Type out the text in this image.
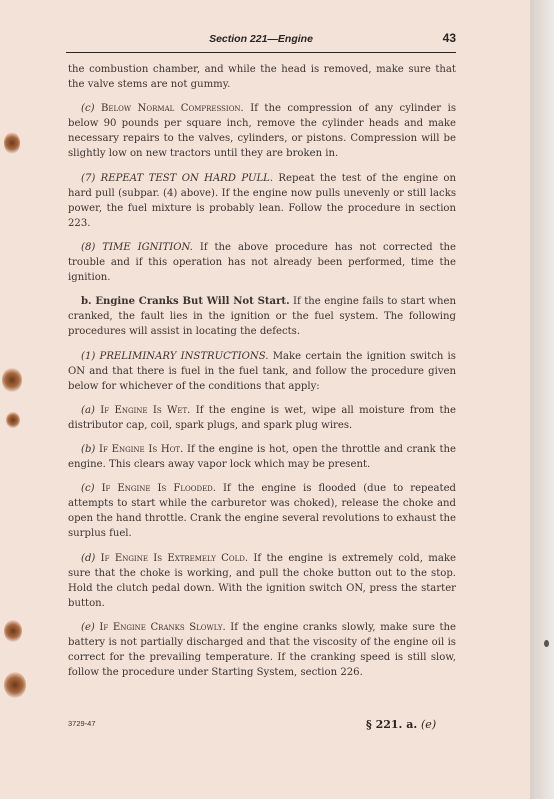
Section 221—Engine	43

the combustion chamber, and while the head is removed, make sure that the valve stems are not gummy.

(c) Below Normal Compression. If the compression of any cylinder is below 90 pounds per square inch, remove the cylinder heads and make necessary repairs to the valves, cylinders, or pistons. Compression will be slightly low on new tractors until they are broken in.

(7) REPEAT TEST ON HARD PULL. Repeat the test of the engine on hard pull (subpar. (4) above). If the engine now pulls unevenly or still lacks power, the fuel mixture is probably lean. Follow the procedure in section 223.

(8) TIME IGNITION. If the above procedure has not corrected the trouble and if this operation has not already been performed, time the ignition.

b. Engine Cranks But Will Not Start. If the engine fails to start when cranked, the fault lies in the ignition or the fuel system. The following procedures will assist in locating the defects.

(1) PRELIMINARY INSTRUCTIONS. Make certain the ignition switch is ON and that there is fuel in the fuel tank, and follow the procedure given below for whichever of the conditions that apply:

(a) If Engine Is Wet. If the engine is wet, wipe all moisture from the distributor cap, coil, spark plugs, and spark plug wires.

(b) If Engine Is Hot. If the engine is hot, open the throttle and crank the engine. This clears away vapor lock which may be present.

(c) If Engine Is Flooded. If the engine is flooded (due to repeated attempts to start while the carburetor was choked), release the choke and open the hand throttle. Crank the engine several revolutions to exhaust the surplus fuel.

(d) If Engine Is Extremely Cold. If the engine is extremely cold, make sure that the choke is working, and pull the choke button out to the stop. Hold the clutch pedal down. With the ignition switch ON, press the starter button.

(e) If Engine Cranks Slowly. If the engine cranks slowly, make sure the battery is not partially discharged and that the viscosity of the engine oil is correct for the prevailing temperature. If the cranking speed is still slow, follow the procedure under Starting System, section 226.

3729-47	§ 221. a. (e)
